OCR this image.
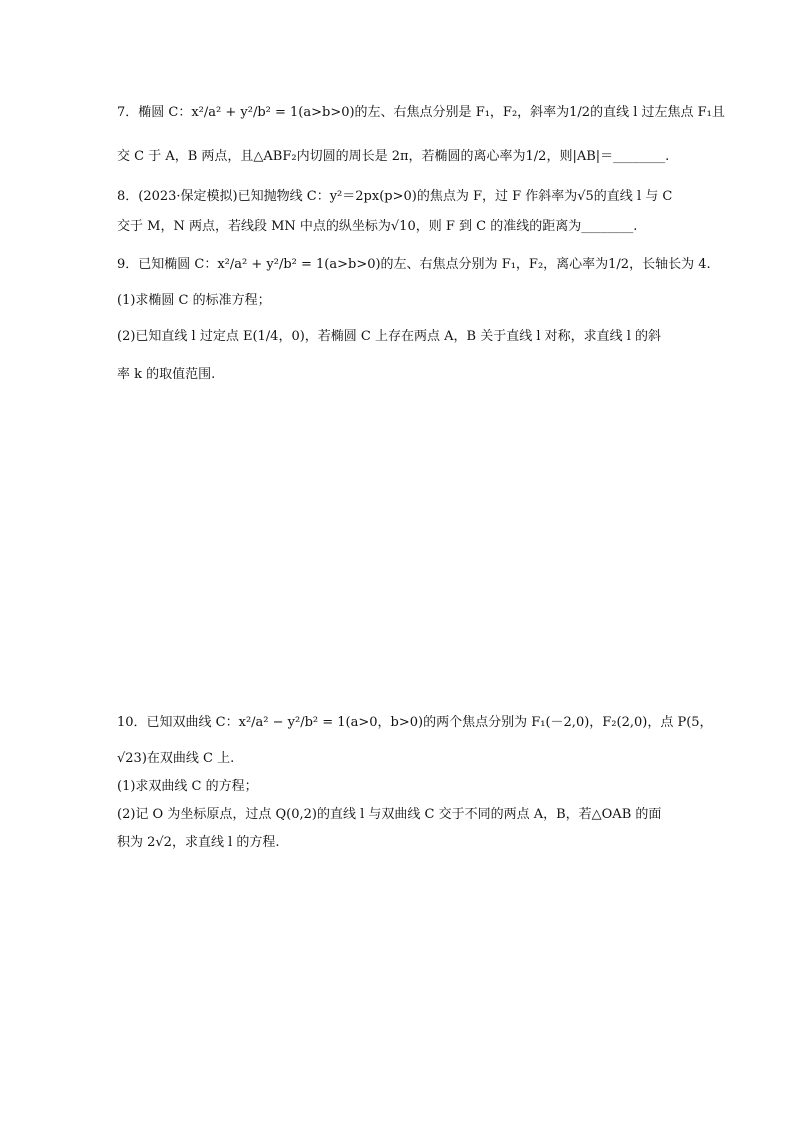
7．椭圆 C：x²/a² + y²/b² = 1(a>b>0)的左、右焦点分别是 F₁，F₂，斜率为1/2的直线 l 过左焦点 F₁且
交 C 于 A，B 两点，且△ABF₂内切圆的周长是 2π，若椭圆的离心率为1/2，则|AB|＝________.
8．(2023·保定模拟)已知抛物线 C：y²＝2px(p>0)的焦点为 F，过 F 作斜率为√5的直线 l 与 C
交于 M，N 两点，若线段 MN 中点的纵坐标为√10，则 F 到 C 的准线的距离为________.
9．已知椭圆 C：x²/a² + y²/b² = 1(a>b>0)的左、右焦点分别为 F₁，F₂，离心率为1/2，长轴长为 4.
(1)求椭圆 C 的标准方程；
(2)已知直线 l 过定点 E(1/4，0)，若椭圆 C 上存在两点 A，B 关于直线 l 对称，求直线 l 的斜
率 k 的取值范围.
10．已知双曲线 C：x²/a² − y²/b² = 1(a>0，b>0)的两个焦点分别为 F₁(－2,0)，F₂(2,0)，点 P(5，
√23)在双曲线 C 上.
(1)求双曲线 C 的方程；
(2)记 O 为坐标原点，过点 Q(0,2)的直线 l 与双曲线 C 交于不同的两点 A，B，若△OAB 的面
积为 2√2，求直线 l 的方程.
